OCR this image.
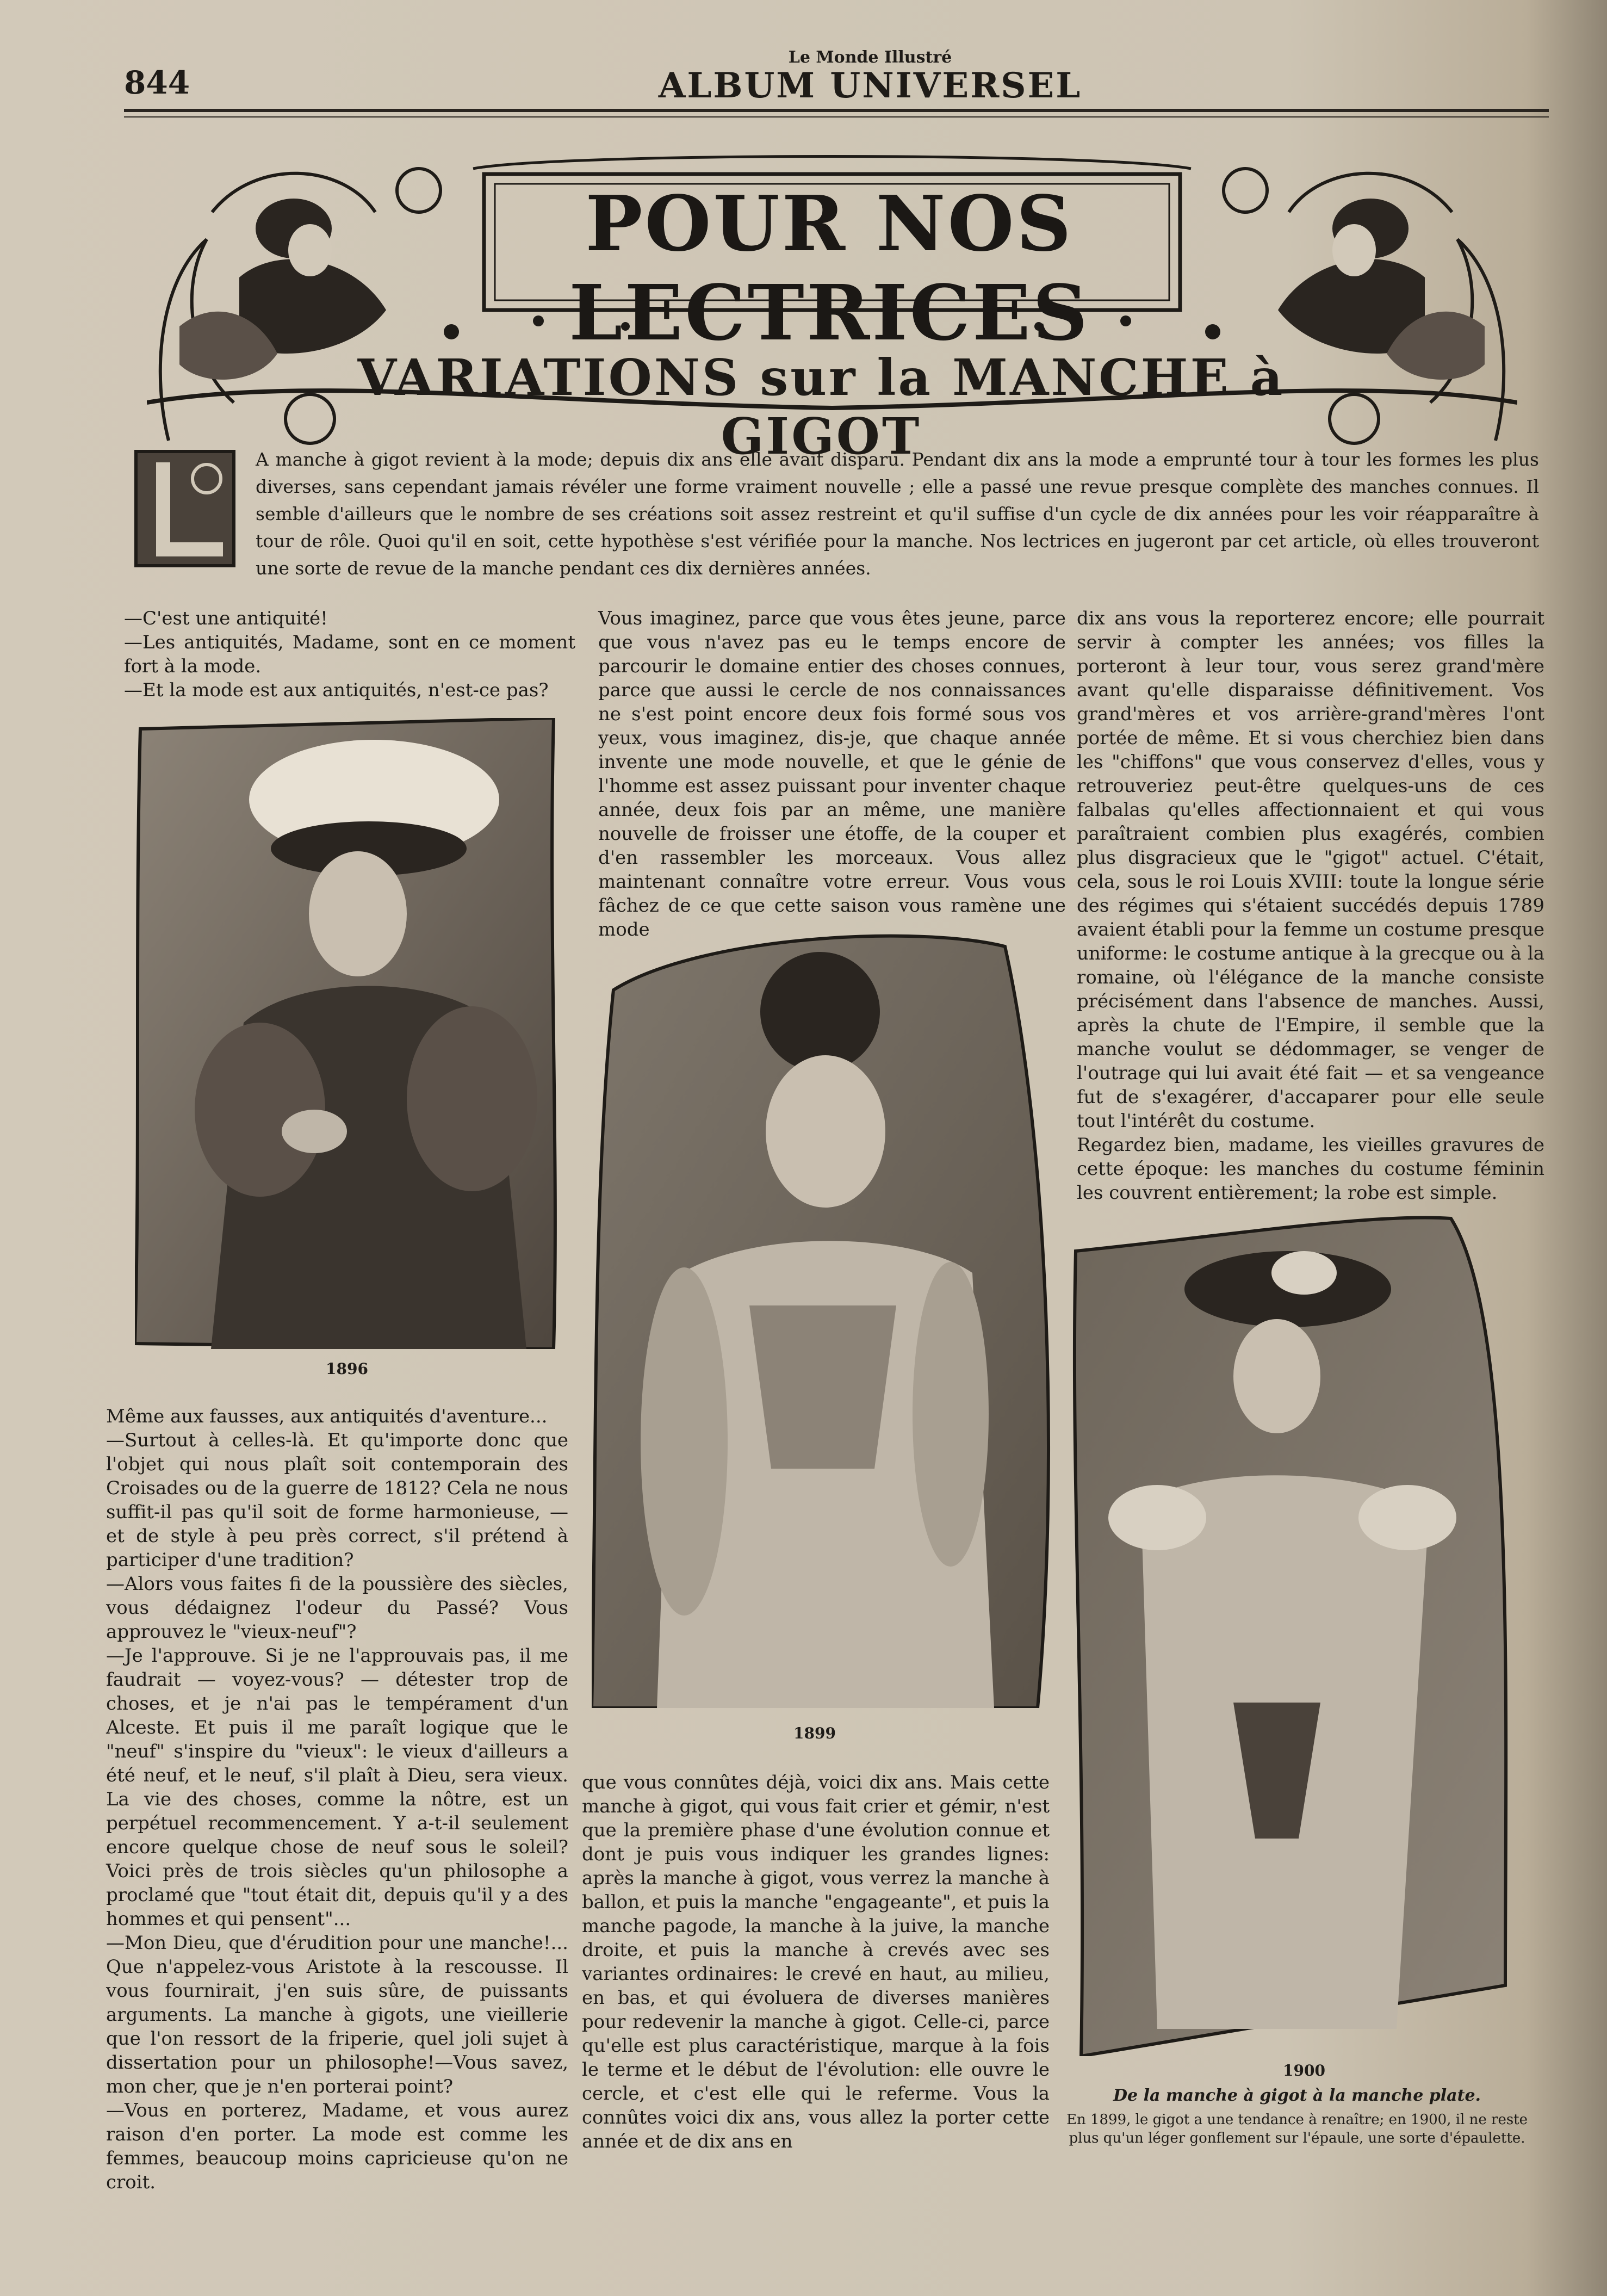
844
Le Monde Illustré
ALBUM UNIVERSEL
POUR NOS LECTRICES
VARIATIONS sur la MANCHE à GIGOT
A manche à gigot revient à la mode; depuis dix ans elle avait disparu. Pendant dix ans la mode a emprunté tour à tour les formes les plus diverses, sans cependant jamais révéler une forme vraiment nouvelle ; elle a passé une revue presque complète des manches connues. Il semble d'ailleurs que le nombre de ses créations soit assez restreint et qu'il suffise d'un cycle de dix années pour les voir réapparaître à tour de rôle. Quoi qu'il en soit, cette hypothèse s'est vérifiée pour la manche. Nos lectrices en jugeront par cet article, où elles trouveront une sorte de revue de la manche pendant ces dix dernières années.

—C'est une antiquité!

—Les antiquités, Madame, sont en ce moment fort à la mode.

—Et la mode est aux antiquités, n'est-ce pas?

1896

Même aux fausses, aux antiquités d'aventure...

—Surtout à celles-là. Et qu'importe donc que l'objet qui nous plaît soit contemporain des Croisades ou de la guerre de 1812? Cela ne nous suffit-il pas qu'il soit de forme harmonieuse, — et de style à peu près correct, s'il prétend à participer d'une tradition?

—Alors vous faites fi de la poussière des siècles, vous dédaignez l'odeur du Passé? Vous approuvez le "vieux-neuf"?

—Je l'approuve. Si je ne l'approuvais pas, il me faudrait — voyez-vous? — détester trop de choses, et je n'ai pas le tempérament d'un Alceste. Et puis il me paraît logique que le "neuf" s'inspire du "vieux": le vieux d'ailleurs a été neuf, et le neuf, s'il plaît à Dieu, sera vieux. La vie des choses, comme la nôtre, est un perpétuel recommencement. Y a-t-il seulement encore quelque chose de neuf sous le soleil? Voici près de trois siècles qu'un philosophe a proclamé que "tout était dit, depuis qu'il y a des hommes et qui pensent"...

—Mon Dieu, que d'érudition pour une manche!... Que n'appelez-vous Aristote à la rescousse. Il vous fournirait, j'en suis sûre, de puissants arguments. La manche à gigots, une vieillerie que l'on ressort de la friperie, quel joli sujet à dissertation pour un philosophe!—Vous savez, mon cher, que je n'en porterai point?

—Vous en porterez, Madame, et vous aurez raison d'en porter. La mode est comme les femmes, beaucoup moins capricieuse qu'on ne croit.

Vous imaginez, parce que vous êtes jeune, parce que vous n'avez pas eu le temps encore de parcourir le domaine entier des choses connues, parce que aussi le cercle de nos connaissances ne s'est point encore deux fois formé sous vos yeux, vous imaginez, dis-je, que chaque année invente une mode nouvelle, et que le génie de l'homme est assez puissant pour inventer chaque année, deux fois par an même, une manière nouvelle de froisser une étoffe, de la couper et d'en rassembler les morceaux. Vous allez maintenant connaître votre erreur. Vous vous fâchez de ce que cette saison vous ramène une mode

1899

que vous connûtes déjà, voici dix ans. Mais cette manche à gigot, qui vous fait crier et gémir, n'est que la première phase d'une évolution connue et dont je puis vous indiquer les grandes lignes: après la manche à gigot, vous verrez la manche à ballon, et puis la manche "engageante", et puis la manche pagode, la manche à la juive, la manche droite, et puis la manche à crevés avec ses variantes ordinaires: le crevé en haut, au milieu, en bas, et qui évoluera de diverses manières pour redevenir la manche à gigot. Celle-ci, parce qu'elle est plus caractéristique, marque à la fois le terme et le début de l'évolution: elle ouvre le cercle, et c'est elle qui le referme. Vous la connûtes voici dix ans, vous allez la porter cette année et de dix ans en

dix ans vous la reporterez encore; elle pourrait servir à compter les années; vos filles la porteront à leur tour, vous serez grand'mère avant qu'elle disparaisse définitivement. Vos grand'mères et vos arrière-grand'mères l'ont portée de même. Et si vous cherchiez bien dans les "chiffons" que vous conservez d'elles, vous y retrouveriez peut-être quelques-uns de ces falbalas qu'elles affectionnaient et qui vous paraîtraient combien plus exagérés, combien plus disgracieux que le "gigot" actuel. C'était, cela, sous le roi Louis XVIII: toute la longue série des régimes qui s'étaient succédés depuis 1789 avaient établi pour la femme un costume presque uniforme: le costume antique à la grecque ou à la romaine, où l'élégance de la manche consiste précisément dans l'absence de manches. Aussi, après la chute de l'Empire, il semble que la manche voulut se dédommager, se venger de l'outrage qui lui avait été fait — et sa vengeance fut de s'exagérer, d'accaparer pour elle seule tout l'intérêt du costume.

Regardez bien, madame, les vieilles gravures de cette époque: les manches du costume féminin les couvrent entièrement; la robe est simple.

1900
De la manche à gigot à la manche plate.
En 1899, le gigot a une tendance à renaître; en 1900, il ne reste plus qu'un léger gonflement sur l'épaule, une sorte d'épaulette.
